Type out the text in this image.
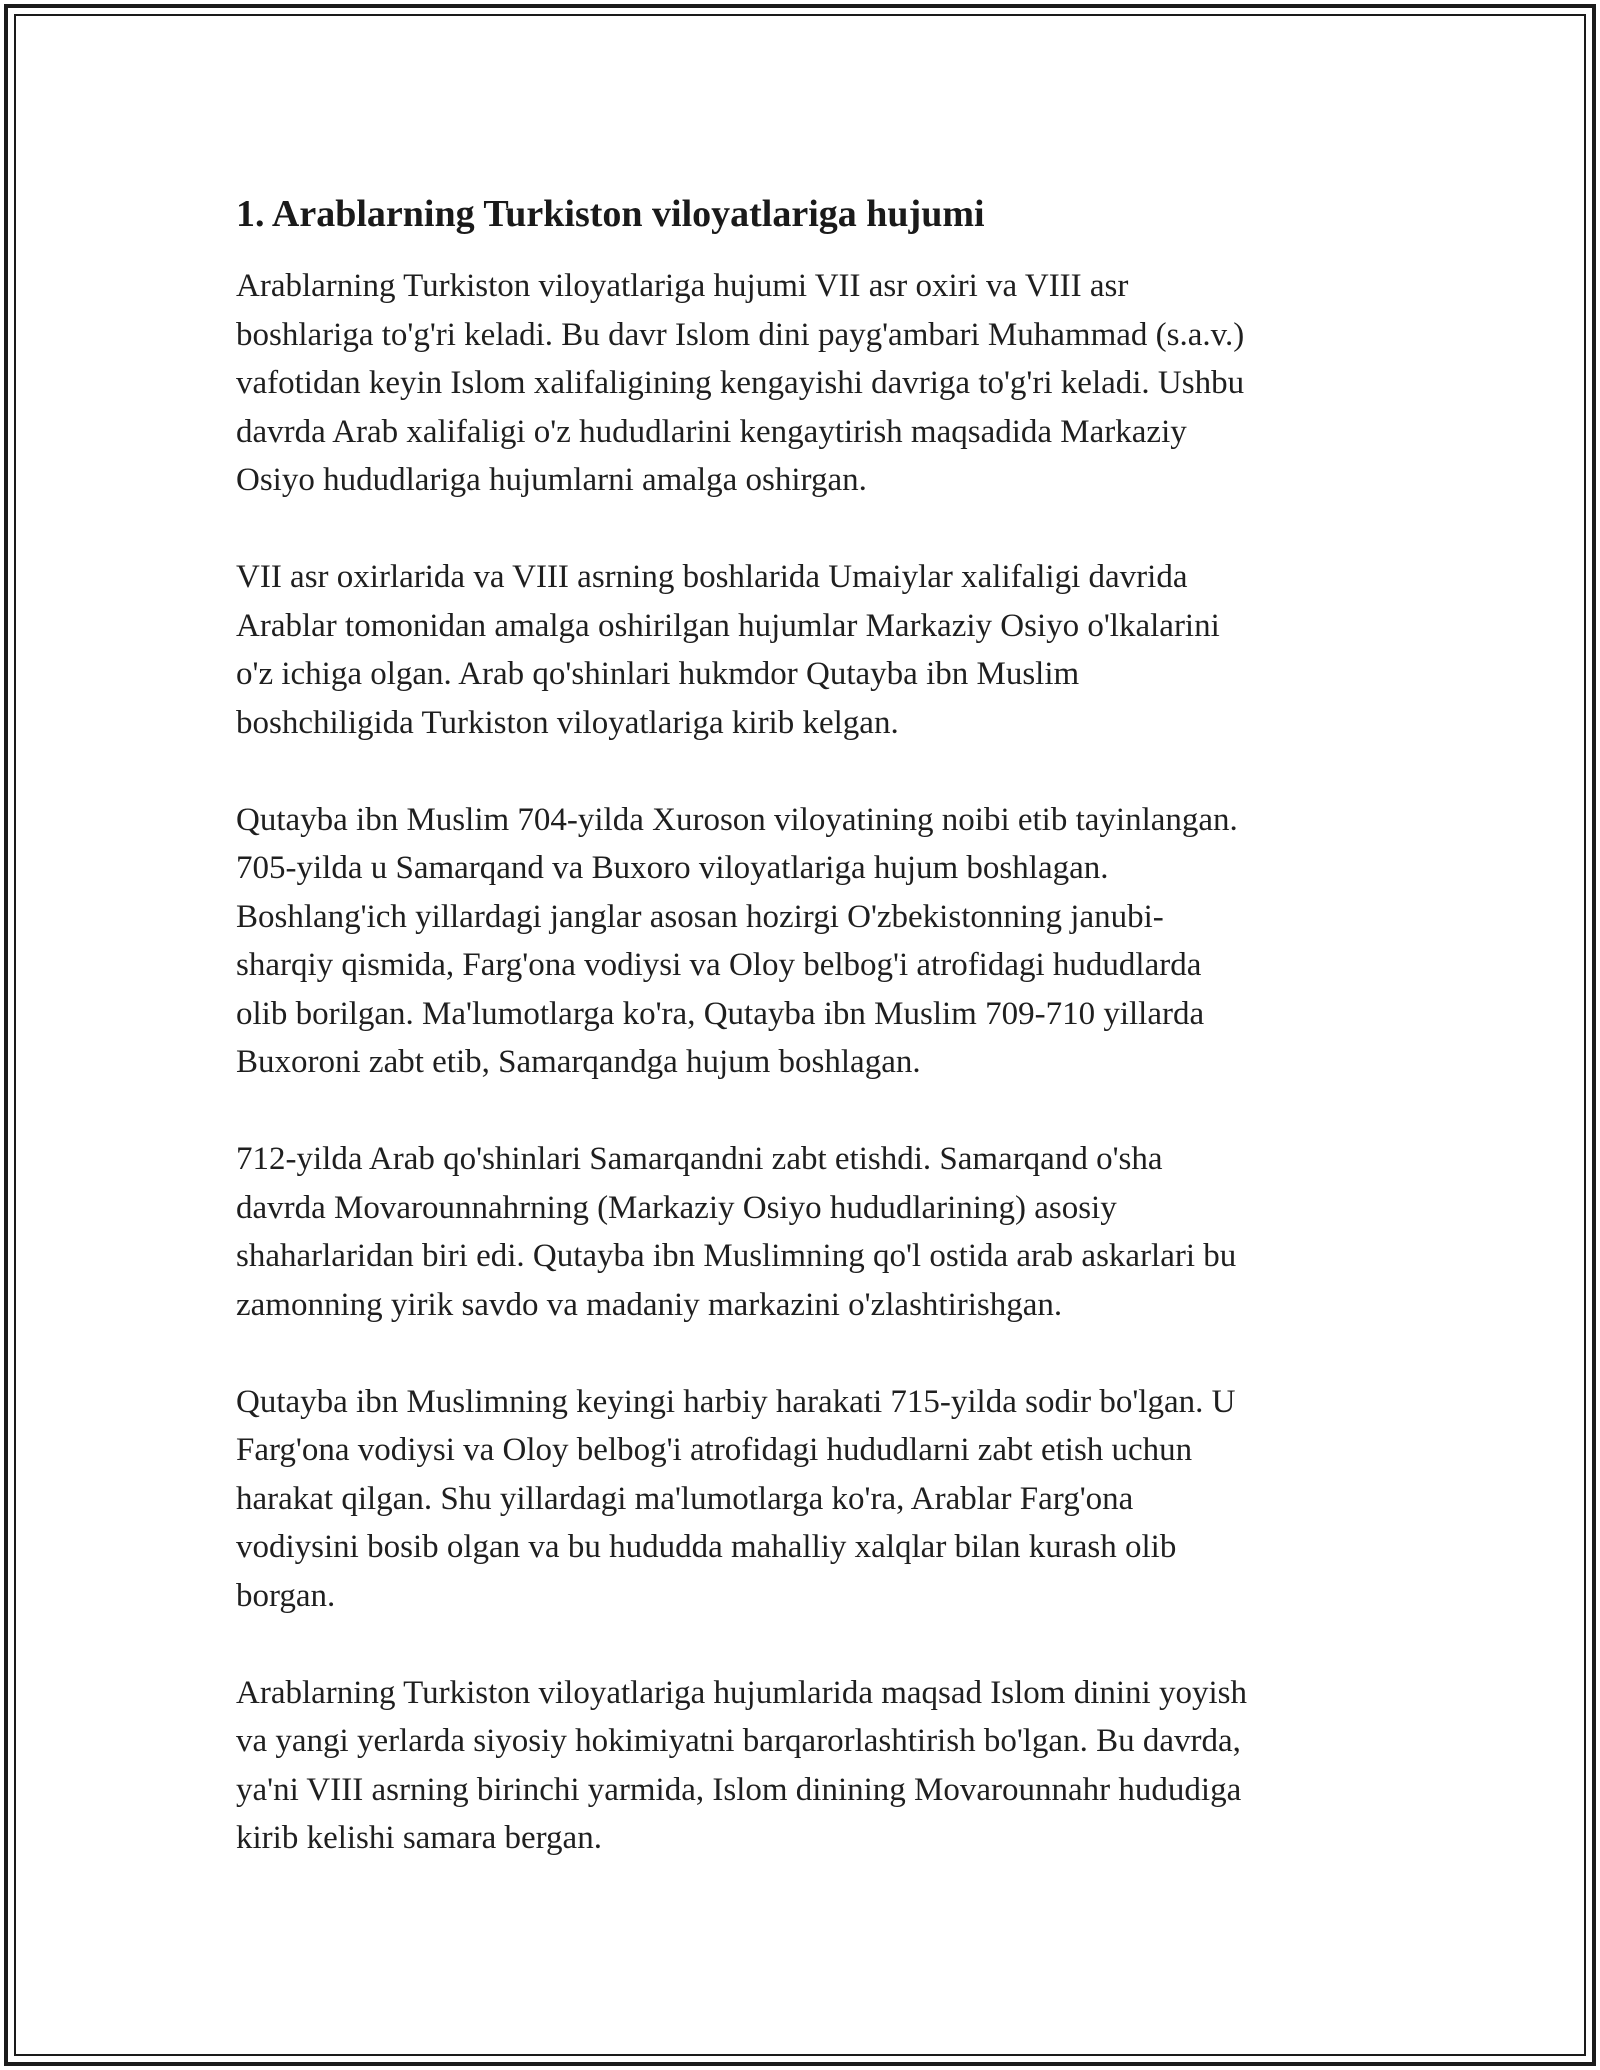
1. Arablarning Turkiston viloyatlariga hujumi

Arablarning Turkiston viloyatlariga hujumi VII asr oxiri va VIII asr
boshlariga to'g'ri keladi. Bu davr Islom dini payg'ambari Muhammad (s.a.v.)
vafotidan keyin Islom xalifaligining kengayishi davriga to'g'ri keladi. Ushbu
davrda Arab xalifaligi o'z hududlarini kengaytirish maqsadida Markaziy
Osiyo hududlariga hujumlarni amalga oshirgan.

VII asr oxirlarida va VIII asrning boshlarida Umaiylar xalifaligi davrida
Arablar tomonidan amalga oshirilgan hujumlar Markaziy Osiyo o'lkalarini
o'z ichiga olgan. Arab qo'shinlari hukmdor Qutayba ibn Muslim
boshchiligida Turkiston viloyatlariga kirib kelgan.

Qutayba ibn Muslim 704-yilda Xuroson viloyatining noibi etib tayinlangan.
705-yilda u Samarqand va Buxoro viloyatlariga hujum boshlagan.
Boshlang'ich yillardagi janglar asosan hozirgi O'zbekistonning janubi-
sharqiy qismida, Farg'ona vodiysi va Oloy belbog'i atrofidagi hududlarda
olib borilgan. Ma'lumotlarga ko'ra, Qutayba ibn Muslim 709-710 yillarda
Buxoroni zabt etib, Samarqandga hujum boshlagan.

712-yilda Arab qo'shinlari Samarqandni zabt etishdi. Samarqand o'sha
davrda Movarounnahrning (Markaziy Osiyo hududlarining) asosiy
shaharlaridan biri edi. Qutayba ibn Muslimning qo'l ostida arab askarlari bu
zamonning yirik savdo va madaniy markazini o'zlashtirishgan.

Qutayba ibn Muslimning keyingi harbiy harakati 715-yilda sodir bo'lgan. U
Farg'ona vodiysi va Oloy belbog'i atrofidagi hududlarni zabt etish uchun
harakat qilgan. Shu yillardagi ma'lumotlarga ko'ra, Arablar Farg'ona
vodiysini bosib olgan va bu hududda mahalliy xalqlar bilan kurash olib
borgan.

Arablarning Turkiston viloyatlariga hujumlarida maqsad Islom dinini yoyish
va yangi yerlarda siyosiy hokimiyatni barqarorlashtirish bo'lgan. Bu davrda,
ya'ni VIII asrning birinchi yarmida, Islom dinining Movarounnahr hududiga
kirib kelishi samara bergan.
